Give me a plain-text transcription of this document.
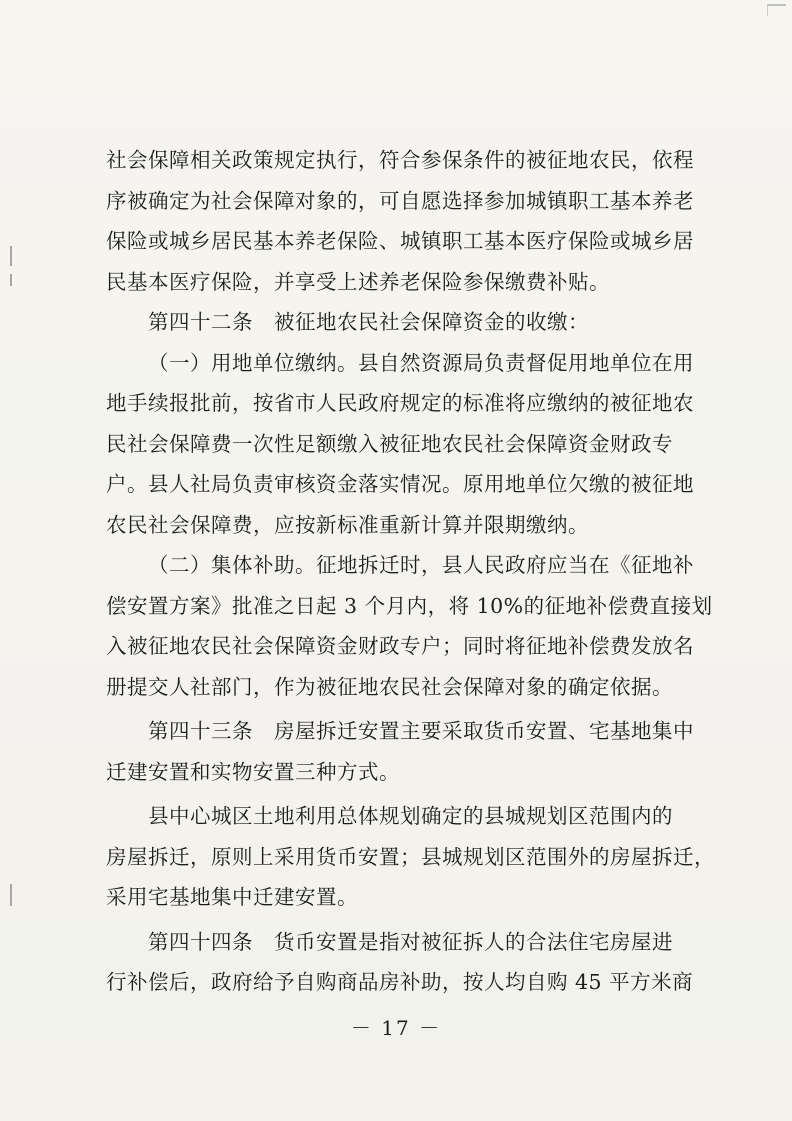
社会保障相关政策规定执行，符合参保条件的被征地农民，依程
序被确定为社会保障对象的，可自愿选择参加城镇职工基本养老
保险或城乡居民基本养老保险、城镇职工基本医疗保险或城乡居
民基本医疗保险，并享受上述养老保险参保缴费补贴。
第四十二条　被征地农民社会保障资金的收缴：
（一）用地单位缴纳。县自然资源局负责督促用地单位在用
地手续报批前，按省市人民政府规定的标准将应缴纳的被征地农
民社会保障费一次性足额缴入被征地农民社会保障资金财政专
户。县人社局负责审核资金落实情况。原用地单位欠缴的被征地
农民社会保障费，应按新标准重新计算并限期缴纳。
（二）集体补助。征地拆迁时，县人民政府应当在《征地补
偿安置方案》批准之日起 3 个月内，将 10%的征地补偿费直接划
入被征地农民社会保障资金财政专户；同时将征地补偿费发放名
册提交人社部门，作为被征地农民社会保障对象的确定依据。
第四十三条　房屋拆迁安置主要采取货币安置、宅基地集中
迁建安置和实物安置三种方式。
县中心城区土地利用总体规划确定的县城规划区范围内的
房屋拆迁，原则上采用货币安置；县城规划区范围外的房屋拆迁，
采用宅基地集中迁建安置。
第四十四条　货币安置是指对被征拆人的合法住宅房屋进
行补偿后，政府给予自购商品房补助，按人均自购 45 平方米商
－ 17 －
